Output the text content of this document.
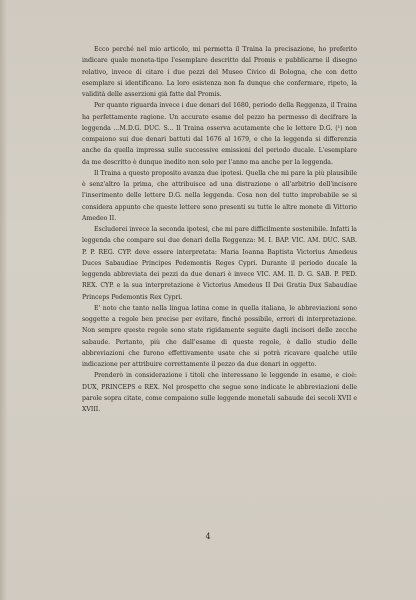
Ecco perché nel mio articolo, mi permetta il Traina la precisazione, ho preferito indicare quale moneta-tipo l'esemplare descritto dal Promis e pubblicarne il disegno relativo, invece di citare i due pezzi del Museo Civico di Bologna, che con detto esemplare si identificano. La loro esistenza non fa dunque che confermare, ripeto, la validità delle asserzioni già fatte dal Promis.

Per quanto riguarda invece i due denari del 1680, periodo della Reggenza, il Traina ha perfettamente ragione. Un accurato esame del pezzo ha permesso di decifrare la leggenda ...M.D.G. DUC. S... Il Traina osserva acutamente che le lettere D.G. (¹) non compaiono sui due denari battuti dal 1676 al 1679, e che la leggenda si differenzia anche da quella impressa sulle successive emissioni del periodo ducale. L'esemplare da me descritto è dunque inedito non solo per l'anno ma anche per la leggenda.

Il Traina a questo proposito avanza due ipotesi. Quella che mi pare la più plausibile è senz'altro la prima, che attribuisce ad una distrazione o all'arbitrio dell'incisore l'inserimento delle lettere D.G. nella leggenda. Cosa non del tutto improbabile se si considera appunto che queste lettere sono presenti su tutte le altre monete di Vittorio Amedeo II.

Escluderei invece la seconda ipotesi, che mi pare difficilmente sostenibile. Infatti la leggenda che compare sui due denari della Reggenza: M. I. BAP. VIC. AM. DUC. SAB. P. P. REG. CYP. deve essere interpretata: Maria Ioanna Baptista Victorius Amedeus Duces Sabaudiae Principes Pedemontis Reges Cypri. Durante il periodo ducale la leggenda abbreviata dei pezzi da due denari è invece VIC. AM. II. D. G. SAB. P. PED. REX. CYP. e la sua interpretazione è Victorius Amedeus II Dei Gratia Dux Sabaudiae Princeps Pedemontis Rex Cypri.

E' noto che tanto nella lingua latina come in quella italiana, le abbreviazioni sono soggette a regole ben precise per evitare, finché possibile, errori di interpretazione. Non sempre queste regole sono state rigidamente seguite dagli incisori delle zecche sabaude. Pertanto, più che dall'esame di queste regole, è dallo studio delle abbreviazioni che furono effettivamente usate che si potrà ricavare qualche utile indicazione per attribuire correttamente il pezzo da due denari in oggetto.

Prenderò in considerazione i titoli che interessano le leggende in esame, e cioè: DUX, PRINCEPS e REX. Nel prospetto che segue sono indicate le abbreviazioni delle parole sopra citate, come compaiono sulle leggende monetali sabaude dei secoli XVII e XVIII.

4
